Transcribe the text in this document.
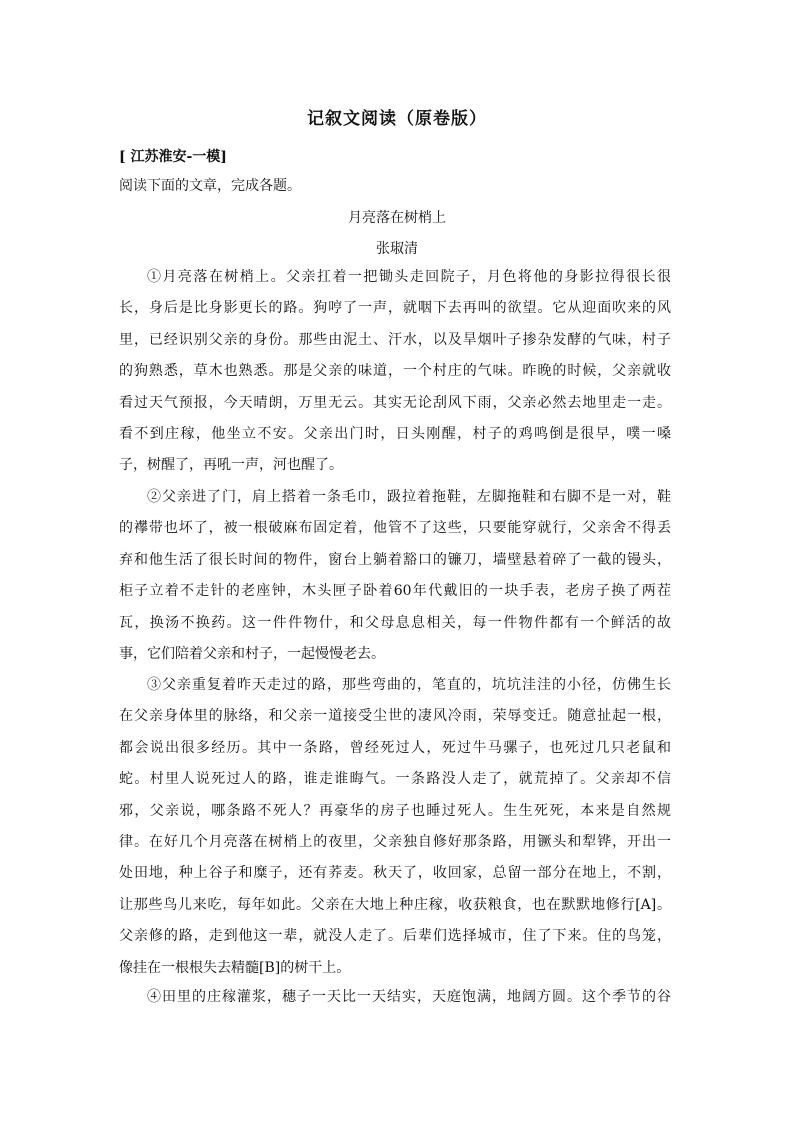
记叙文阅读（原卷版）
[ 江苏淮安-一模]
阅读下面的文章，完成各题。
月亮落在树梢上
张琡清
①月亮落在树梢上。父亲扛着一把锄头走回院子，月色将他的身影拉得很长很
长，身后是比身影更长的路。狗哼了一声，就咽下去再叫的欲望。它从迎面吹来的风
里，已经识别父亲的身份。那些由泥土、汗水，以及旱烟叶子掺杂发酵的气味，村子
的狗熟悉，草木也熟悉。那是父亲的味道，一个村庄的气味。昨晚的时候，父亲就收
看过天气预报，今天晴朗，万里无云。其实无论刮风下雨，父亲必然去地里走一走。
看不到庄稼，他坐立不安。父亲出门时，日头刚醒，村子的鸡鸣倒是很早，噗一嗓
子，树醒了，再吼一声，河也醒了。
②父亲进了门，肩上搭着一条毛巾，趿拉着拖鞋，左脚拖鞋和右脚不是一对，鞋
的襻带也坏了，被一根破麻布固定着，他管不了这些，只要能穿就行，父亲舍不得丢
弃和他生活了很长时间的物件，窗台上躺着豁口的镰刀，墙壁悬着碎了一截的镘头，
柜子立着不走针的老座钟，木头匣子卧着60年代戴旧的一块手表，老房子换了两茬
瓦，换汤不换药。这一件件物什，和父母息息相关，每一件物件都有一个鲜活的故
事，它们陪着父亲和村子，一起慢慢老去。
③父亲重复着昨天走过的路，那些弯曲的，笔直的，坑坑洼洼的小径，仿佛生长
在父亲身体里的脉络，和父亲一道接受尘世的凄风冷雨，荣辱变迁。随意扯起一根，
都会说出很多经历。其中一条路，曾经死过人，死过牛马骡子，也死过几只老鼠和
蛇。村里人说死过人的路，谁走谁晦气。一条路没人走了，就荒掉了。父亲却不信
邪，父亲说，哪条路不死人？再豪华的房子也睡过死人。生生死死，本来是自然规
律。在好几个月亮落在树梢上的夜里，父亲独自修好那条路，用镢头和犁铧，开出一
处田地，种上谷子和糜子，还有荞麦。秋天了，收回家，总留一部分在地上，不割，
让那些鸟儿来吃，每年如此。父亲在大地上种庄稼，收获粮食，也在默默地修行[A]。
父亲修的路，走到他这一辈，就没人走了。后辈们选择城市，住了下来。住的鸟笼，
像挂在一根根失去精髓[B]的树干上。
④田里的庄稼灌浆，穗子一天比一天结实，天庭饱满，地阔方圆。这个季节的谷
